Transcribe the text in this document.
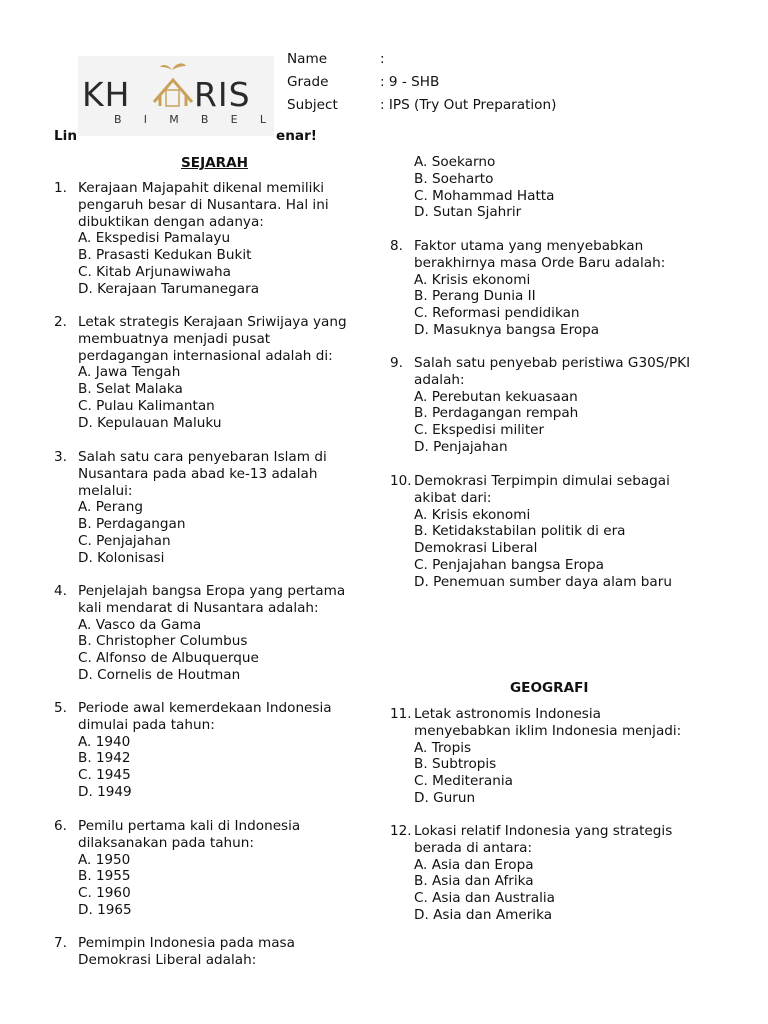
KH RIS
B I M B E L
Name	:
Grade	: 9 - SHB
Subject	: IPS (Try Out Preparation)
Lin	enar!
SEJARAH
GEOGRAFI
1. Kerajaan Majapahit dikenal memiliki
pengaruh besar di Nusantara. Hal ini
dibuktikan dengan adanya:
A. Ekspedisi Pamalayu
B. Prasasti Kedukan Bukit
C. Kitab Arjunawiwaha
D. Kerajaan Tarumanegara
2. Letak strategis Kerajaan Sriwijaya yang
membuatnya menjadi pusat
perdagangan internasional adalah di:
A. Jawa Tengah
B. Selat Malaka
C. Pulau Kalimantan
D. Kepulauan Maluku
3. Salah satu cara penyebaran Islam di
Nusantara pada abad ke-13 adalah
melalui:
A. Perang
B. Perdagangan
C. Penjajahan
D. Kolonisasi
4. Penjelajah bangsa Eropa yang pertama
kali mendarat di Nusantara adalah:
A. Vasco da Gama
B. Christopher Columbus
C. Alfonso de Albuquerque
D. Cornelis de Houtman
5. Periode awal kemerdekaan Indonesia
dimulai pada tahun:
A. 1940
B. 1942
C. 1945
D. 1949
6. Pemilu pertama kali di Indonesia
dilaksanakan pada tahun:
A. 1950
B. 1955
C. 1960
D. 1965
7. Pemimpin Indonesia pada masa
Demokrasi Liberal adalah:
A. Soekarno
B. Soeharto
C. Mohammad Hatta
D. Sutan Sjahrir
8. Faktor utama yang menyebabkan
berakhirnya masa Orde Baru adalah:
A. Krisis ekonomi
B. Perang Dunia II
C. Reformasi pendidikan
D. Masuknya bangsa Eropa
9. Salah satu penyebab peristiwa G30S/PKI
adalah:
A. Perebutan kekuasaan
B. Perdagangan rempah
C. Ekspedisi militer
D. Penjajahan
10. Demokrasi Terpimpin dimulai sebagai
akibat dari:
A. Krisis ekonomi
B. Ketidakstabilan politik di era
Demokrasi Liberal
C. Penjajahan bangsa Eropa
D. Penemuan sumber daya alam baru
11. Letak astronomis Indonesia
menyebabkan iklim Indonesia menjadi:
A. Tropis
B. Subtropis
C. Mediterania
D. Gurun
12. Lokasi relatif Indonesia yang strategis
berada di antara:
A. Asia dan Eropa
B. Asia dan Afrika
C. Asia dan Australia
D. Asia dan Amerika
